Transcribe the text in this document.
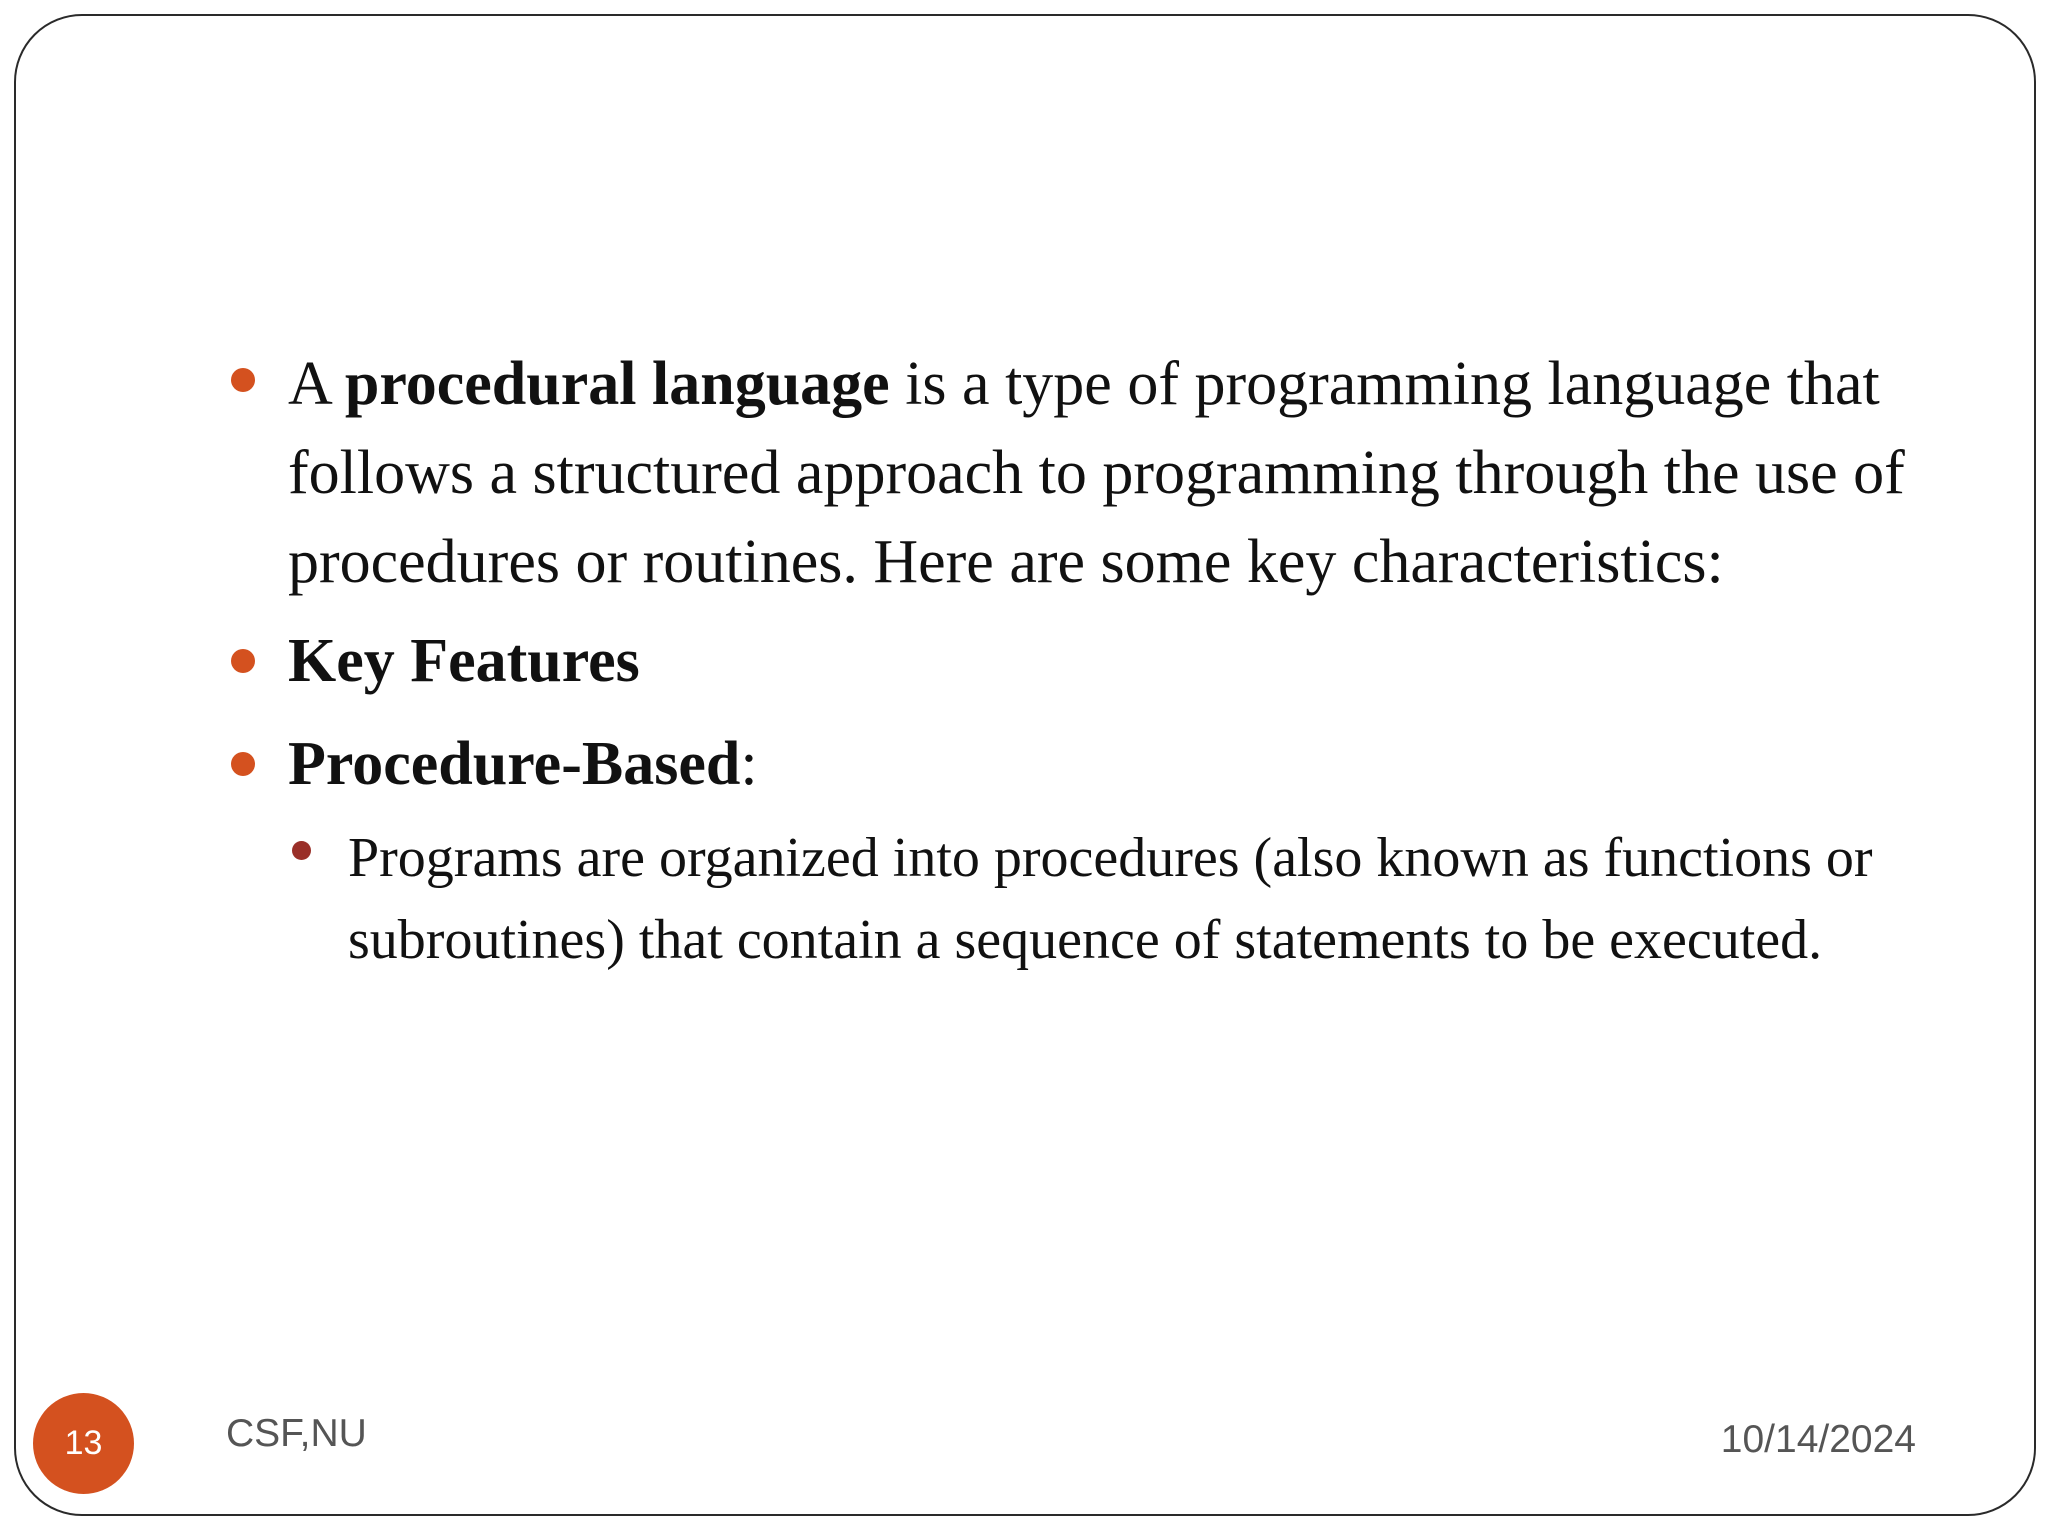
A procedural language is a type of programming language that follows a structured approach to programming through the use of procedures or routines. Here are some key characteristics:
Key Features
Procedure-Based:
Programs are organized into procedures (also known as functions or subroutines) that contain a sequence of statements to be executed.
13	CSF,NU	10/14/2024
